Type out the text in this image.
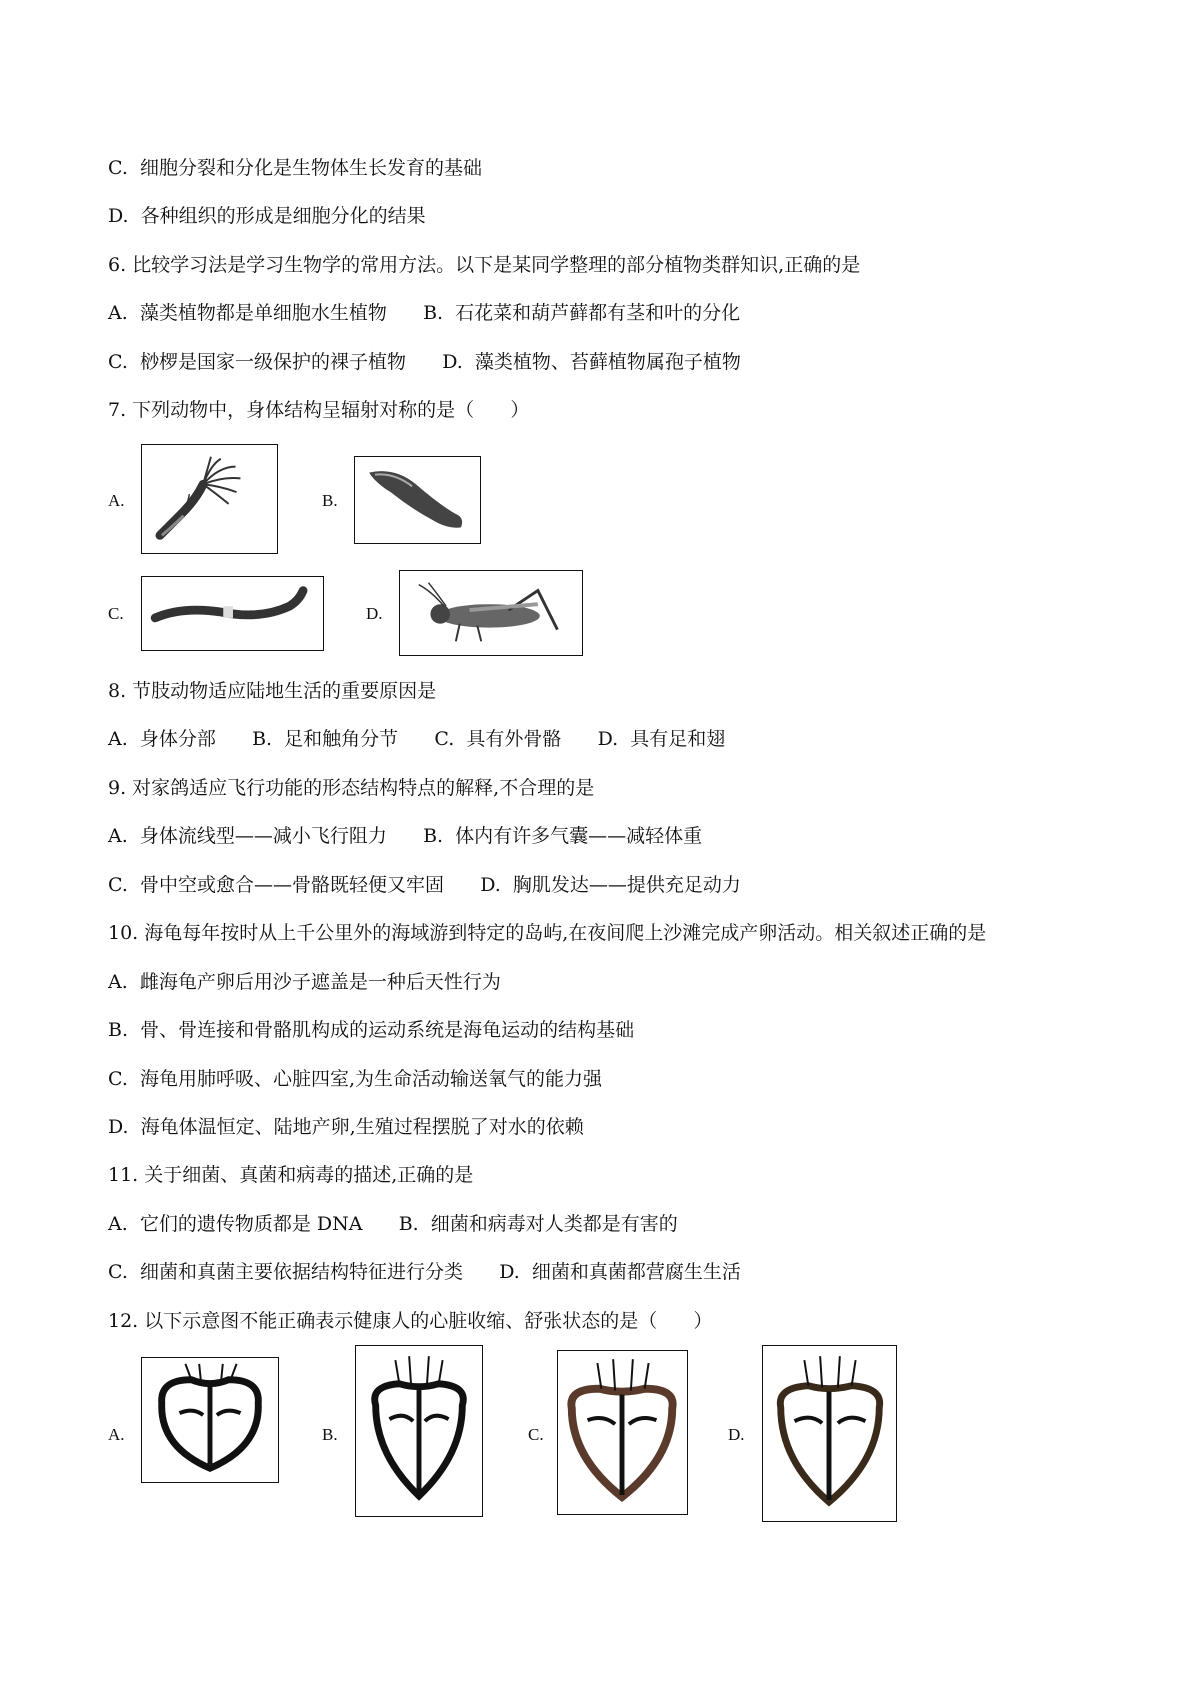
C.  细胞分裂和分化是生物体生长发育的基础
D.  各种组织的形成是细胞分化的结果
6. 比较学习法是学习生物学的常用方法。以下是某同学整理的部分植物类群知识,正确的是
A.  藻类植物都是单细胞水生植物      B.  石花菜和葫芦藓都有茎和叶的分化
C.  桫椤是国家一级保护的裸子植物      D.  藻类植物、苔藓植物属孢子植物
7. 下列动物中，身体结构呈辐射对称的是（      ）
A.	B.
C.	D.
8. 节肢动物适应陆地生活的重要原因是
A.  身体分部      B.  足和触角分节      C.  具有外骨骼      D.  具有足和翅
9. 对家鸽适应飞行功能的形态结构特点的解释,不合理的是
A.  身体流线型——减小飞行阻力      B.  体内有许多气囊——减轻体重
C.  骨中空或愈合——骨骼既轻便又牢固      D.  胸肌发达——提供充足动力
10. 海龟每年按时从上千公里外的海域游到特定的岛屿,在夜间爬上沙滩完成产卵活动。相关叙述正确的是
A.  雌海龟产卵后用沙子遮盖是一种后天性行为
B.  骨、骨连接和骨骼肌构成的运动系统是海龟运动的结构基础
C.  海龟用肺呼吸、心脏四室,为生命活动输送氧气的能力强
D.  海龟体温恒定、陆地产卵,生殖过程摆脱了对水的依赖
11. 关于细菌、真菌和病毒的描述,正确的是
A.  它们的遗传物质都是 DNA      B.  细菌和病毒对人类都是有害的
C.  细菌和真菌主要依据结构特征进行分类      D.  细菌和真菌都营腐生生活
12. 以下示意图不能正确表示健康人的心脏收缩、舒张状态的是（      ）
A.	B.	C.	D.
